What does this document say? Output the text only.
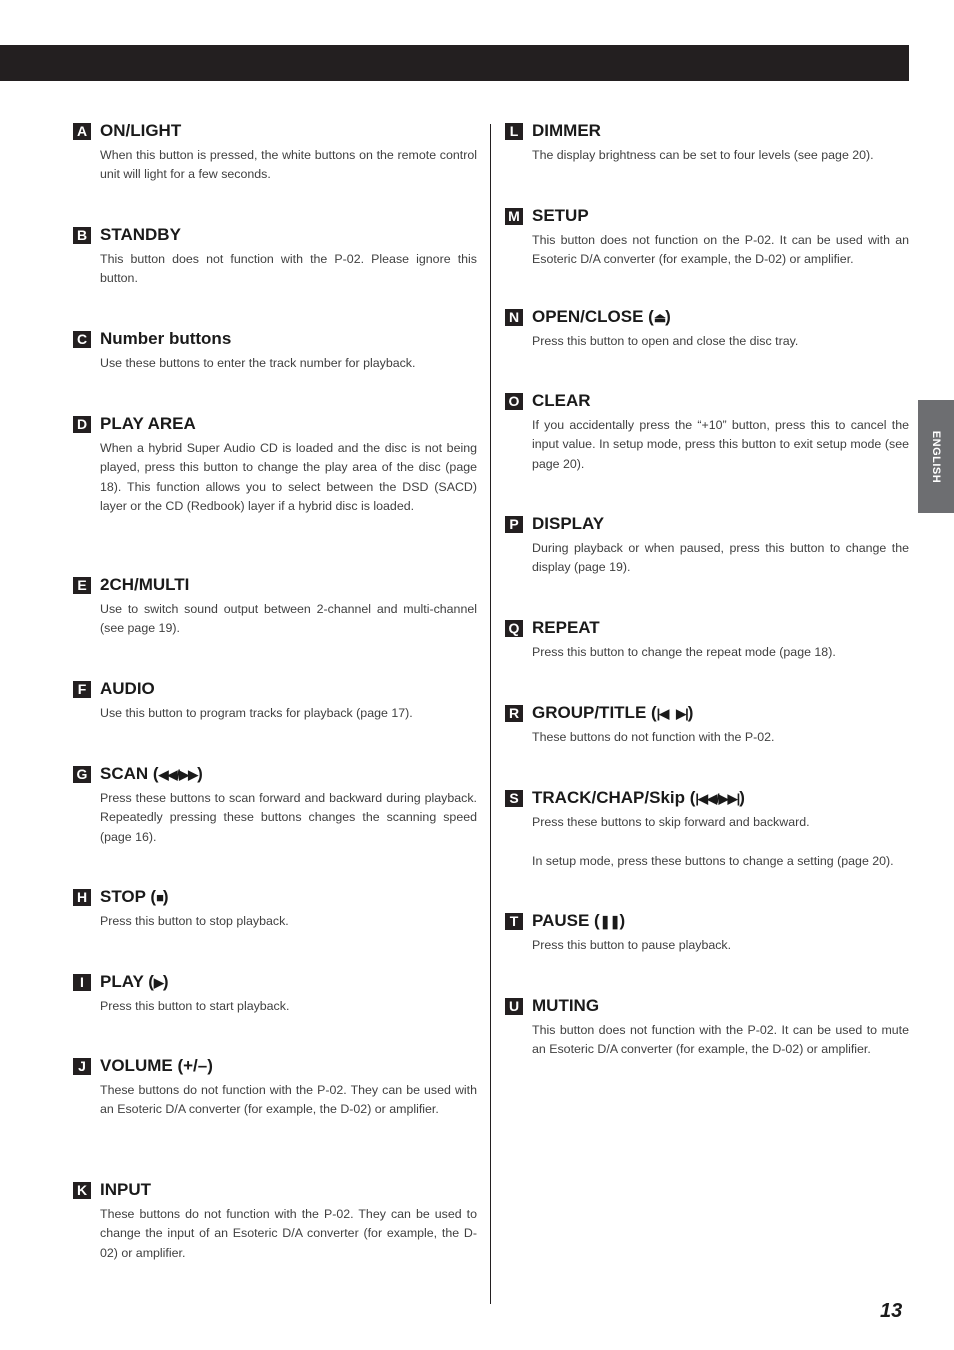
ENGLISH
A ON/LIGHT

When this button is pressed, the white buttons on the remote control unit will light for a few seconds.

B STANDBY

This button does not function with the P-02. Please ignore this button.

C Number buttons

Use these buttons to enter the track number for playback.

D PLAY AREA

When a hybrid Super Audio CD is loaded and the disc is not being played, press this button to change the play area of the disc (page 18). This function allows you to select between the DSD (SACD) layer or the CD (Redbook) layer if a hybrid disc is loaded.

E 2CH/MULTI

Use to switch sound output between 2-channel and multi-channel (see page 19).

F AUDIO

Use this button to program tracks for playback (page 17).

G SCAN (◀◀/▶▶)

Press these buttons to scan forward and backward during playback. Repeatedly pressing these buttons changes the scanning speed (page 16).

H STOP (■)

Press this button to stop playback.

I PLAY (▶)

Press this button to start playback.

J VOLUME (+/–)

These buttons do not function with the P-02. They can be used with an Esoteric D/A converter (for example, the D-02) or amplifier.

K INPUT

These buttons do not function with the P-02. They can be used to change the input of an Esoteric D/A converter (for example, the D-02) or amplifier.

L DIMMER

The display brightness can be set to four levels (see page 20).

M SETUP

This button does not function on the P-02. It can be used with an Esoteric D/A converter (for example, the D-02) or amplifier.

N OPEN/CLOSE (⏏)

Press this button to open and close the disc tray.

O CLEAR

If you accidentally press the “+10” button, press this to cancel the input value. In setup mode, press this button to exit setup mode (see page 20).

P DISPLAY

During playback or when paused, press this button to change the display (page 19).

Q REPEAT

Press this button to change the repeat mode (page 18).

R GROUP/TITLE (|◀   ▶|)

These buttons do not function with the P-02.

S TRACK/CHAP/Skip (|◀◀/▶▶|)

Press these buttons to skip forward and backward.

In setup mode, press these buttons to change a setting (page 20).

T PAUSE (❚❚)

Press this button to pause playback.

U MUTING

This button does not function with the P-02. It can be used to mute an Esoteric D/A converter (for example, the D-02) or amplifier.

13
